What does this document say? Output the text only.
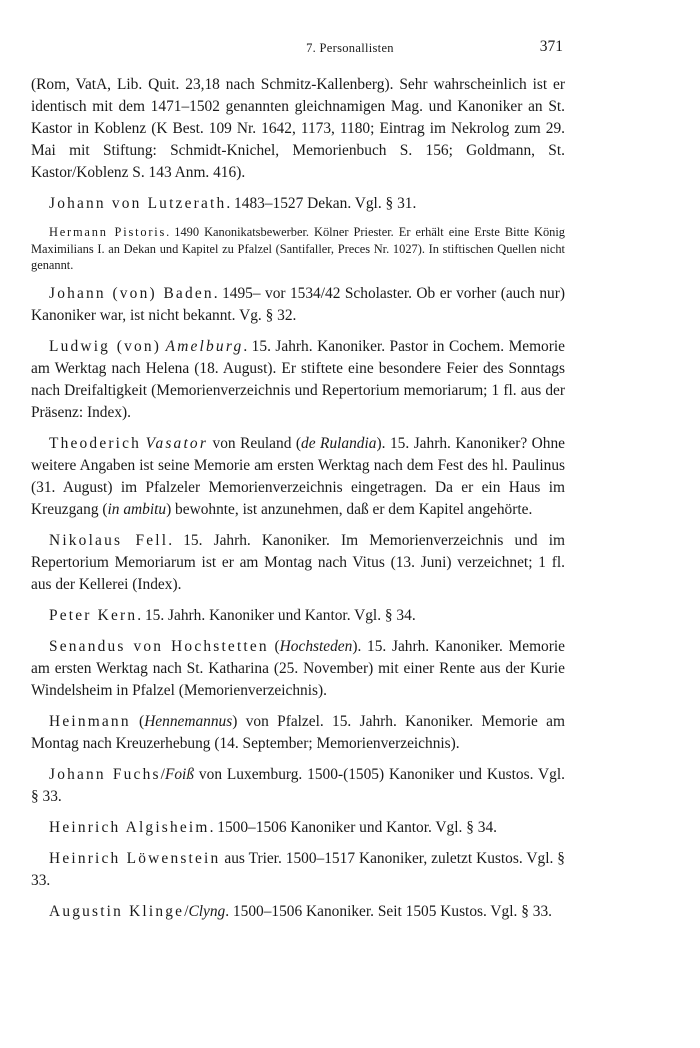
7. Personallisten	371

(Rom, VatA, Lib. Quit. 23,18 nach Schmitz-Kallenberg). Sehr wahrscheinlich ist er identisch mit dem 1471–1502 genannten gleichnamigen Mag. und Kanoniker an St. Kastor in Koblenz (K Best. 109 Nr. 1642, 1173, 1180; Eintrag im Nekrolog zum 29. Mai mit Stiftung: Schmidt-Knichel, Memorienbuch S. 156; Goldmann, St. Kastor/Koblenz S. 143 Anm. 416).

Johann von Lutzerath. 1483–1527 Dekan. Vgl. § 31.

Hermann Pistoris. 1490 Kanonikatsbewerber. Kölner Priester. Er erhält eine Erste Bitte König Maximilians I. an Dekan und Kapitel zu Pfalzel (Santifaller, Preces Nr. 1027). In stiftischen Quellen nicht genannt.

Johann (von) Baden. 1495– vor 1534/42 Scholaster. Ob er vorher (auch nur) Kanoniker war, ist nicht bekannt. Vg. § 32.

Ludwig (von) Amelburg. 15. Jahrh. Kanoniker. Pastor in Cochem. Memorie am Werktag nach Helena (18. August). Er stiftete eine besondere Feier des Sonntags nach Dreifaltigkeit (Memorienverzeichnis und Repertorium memoriarum; 1 fl. aus der Präsenz: Index).

Theoderich Vasator von Reuland (de Rulandia). 15. Jahrh. Kanoniker? Ohne weitere Angaben ist seine Memorie am ersten Werktag nach dem Fest des hl. Paulinus (31. August) im Pfalzeler Memorienverzeichnis eingetragen. Da er ein Haus im Kreuzgang (in ambitu) bewohnte, ist anzunehmen, daß er dem Kapitel angehörte.

Nikolaus Fell. 15. Jahrh. Kanoniker. Im Memorienverzeichnis und im Repertorium Memoriarum ist er am Montag nach Vitus (13. Juni) verzeichnet; 1 fl. aus der Kellerei (Index).

Peter Kern. 15. Jahrh. Kanoniker und Kantor. Vgl. § 34.

Senandus von Hochstetten (Hochsteden). 15. Jahrh. Kanoniker. Memorie am ersten Werktag nach St. Katharina (25. November) mit einer Rente aus der Kurie Windelsheim in Pfalzel (Memorienverzeichnis).

Heinmann (Hennemannus) von Pfalzel. 15. Jahrh. Kanoniker. Memorie am Montag nach Kreuzerhebung (14. September; Memorienverzeichnis).

Johann Fuchs/Foiß von Luxemburg. 1500-(1505) Kanoniker und Kustos. Vgl. § 33.

Heinrich Algisheim. 1500–1506 Kanoniker und Kantor. Vgl. § 34.

Heinrich Löwenstein aus Trier. 1500–1517 Kanoniker, zuletzt Kustos. Vgl. § 33.

Augustin Klinge/Clyng. 1500–1506 Kanoniker. Seit 1505 Kustos. Vgl. § 33.
